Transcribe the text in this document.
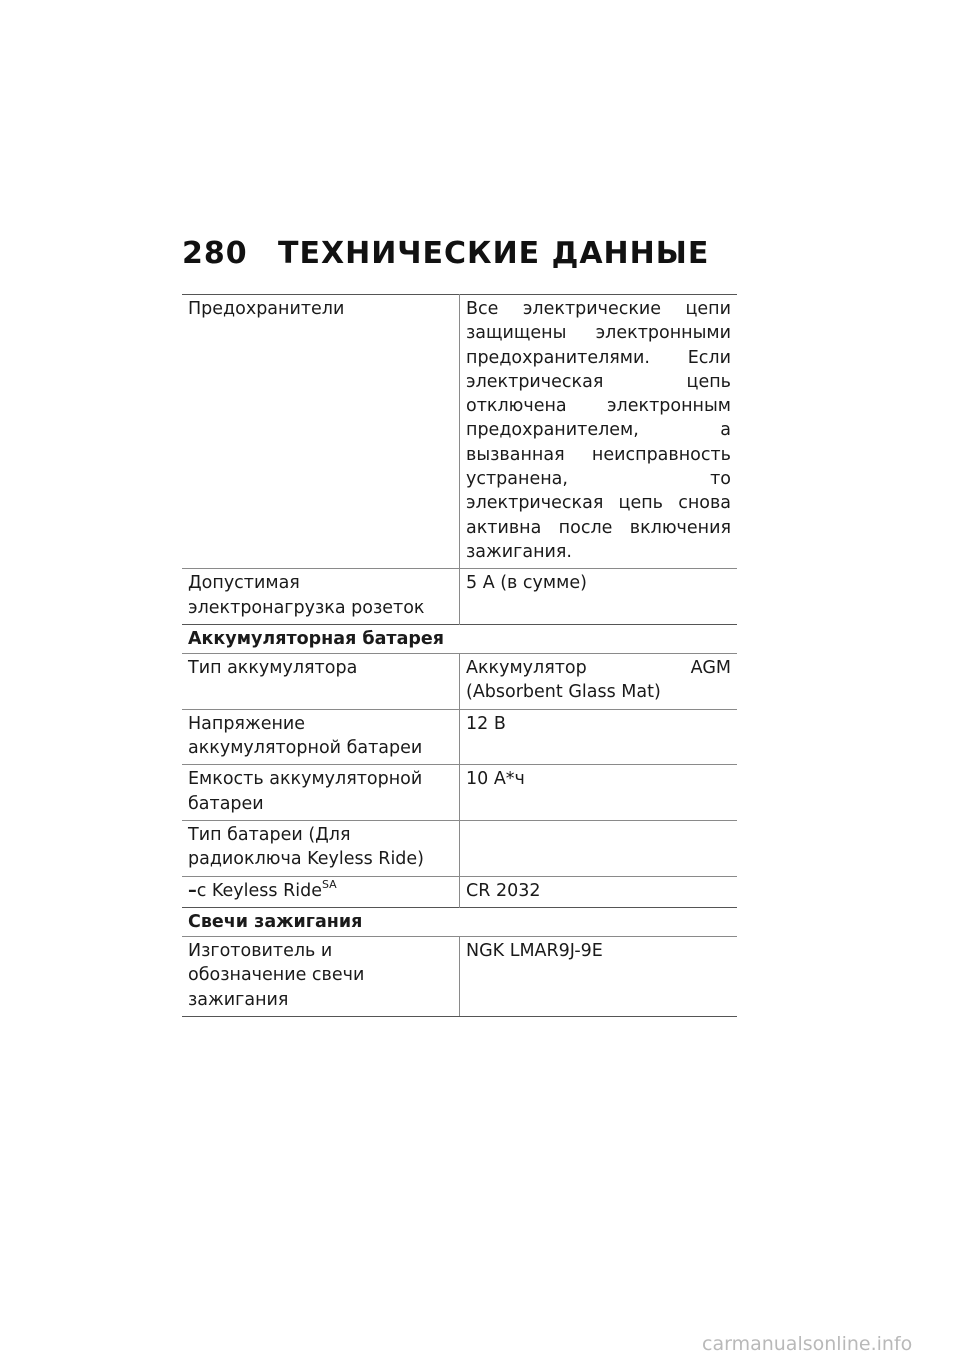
280 ТЕХНИЧЕСКИЕ ДАННЫЕ
Предохранители	Все электрические цепи защищены электронными предохранителями. Если электрическая цепь отключена электронным предохранителем, а вызванная неисправность устранена, то электрическая цепь снова активна после включения зажигания.
Допустимая электронагрузка розеток	5 A (в сумме)
Аккумуляторная батарея	
Тип аккумулятора	Аккумулятор AGM (Absorbent Glass Mat)
Напряжение аккумуляторной батареи	12 В
Емкость аккумуляторной батареи	10 А*ч
Тип батареи (Для радиоключа Keyless Ride)	
–с Keyless Ride$^{SA}$	CR 2032
Свечи зажигания	
Изготовитель и обозначение свечи зажигания	NGK LMAR9J-9E
carmanualsonline.info
